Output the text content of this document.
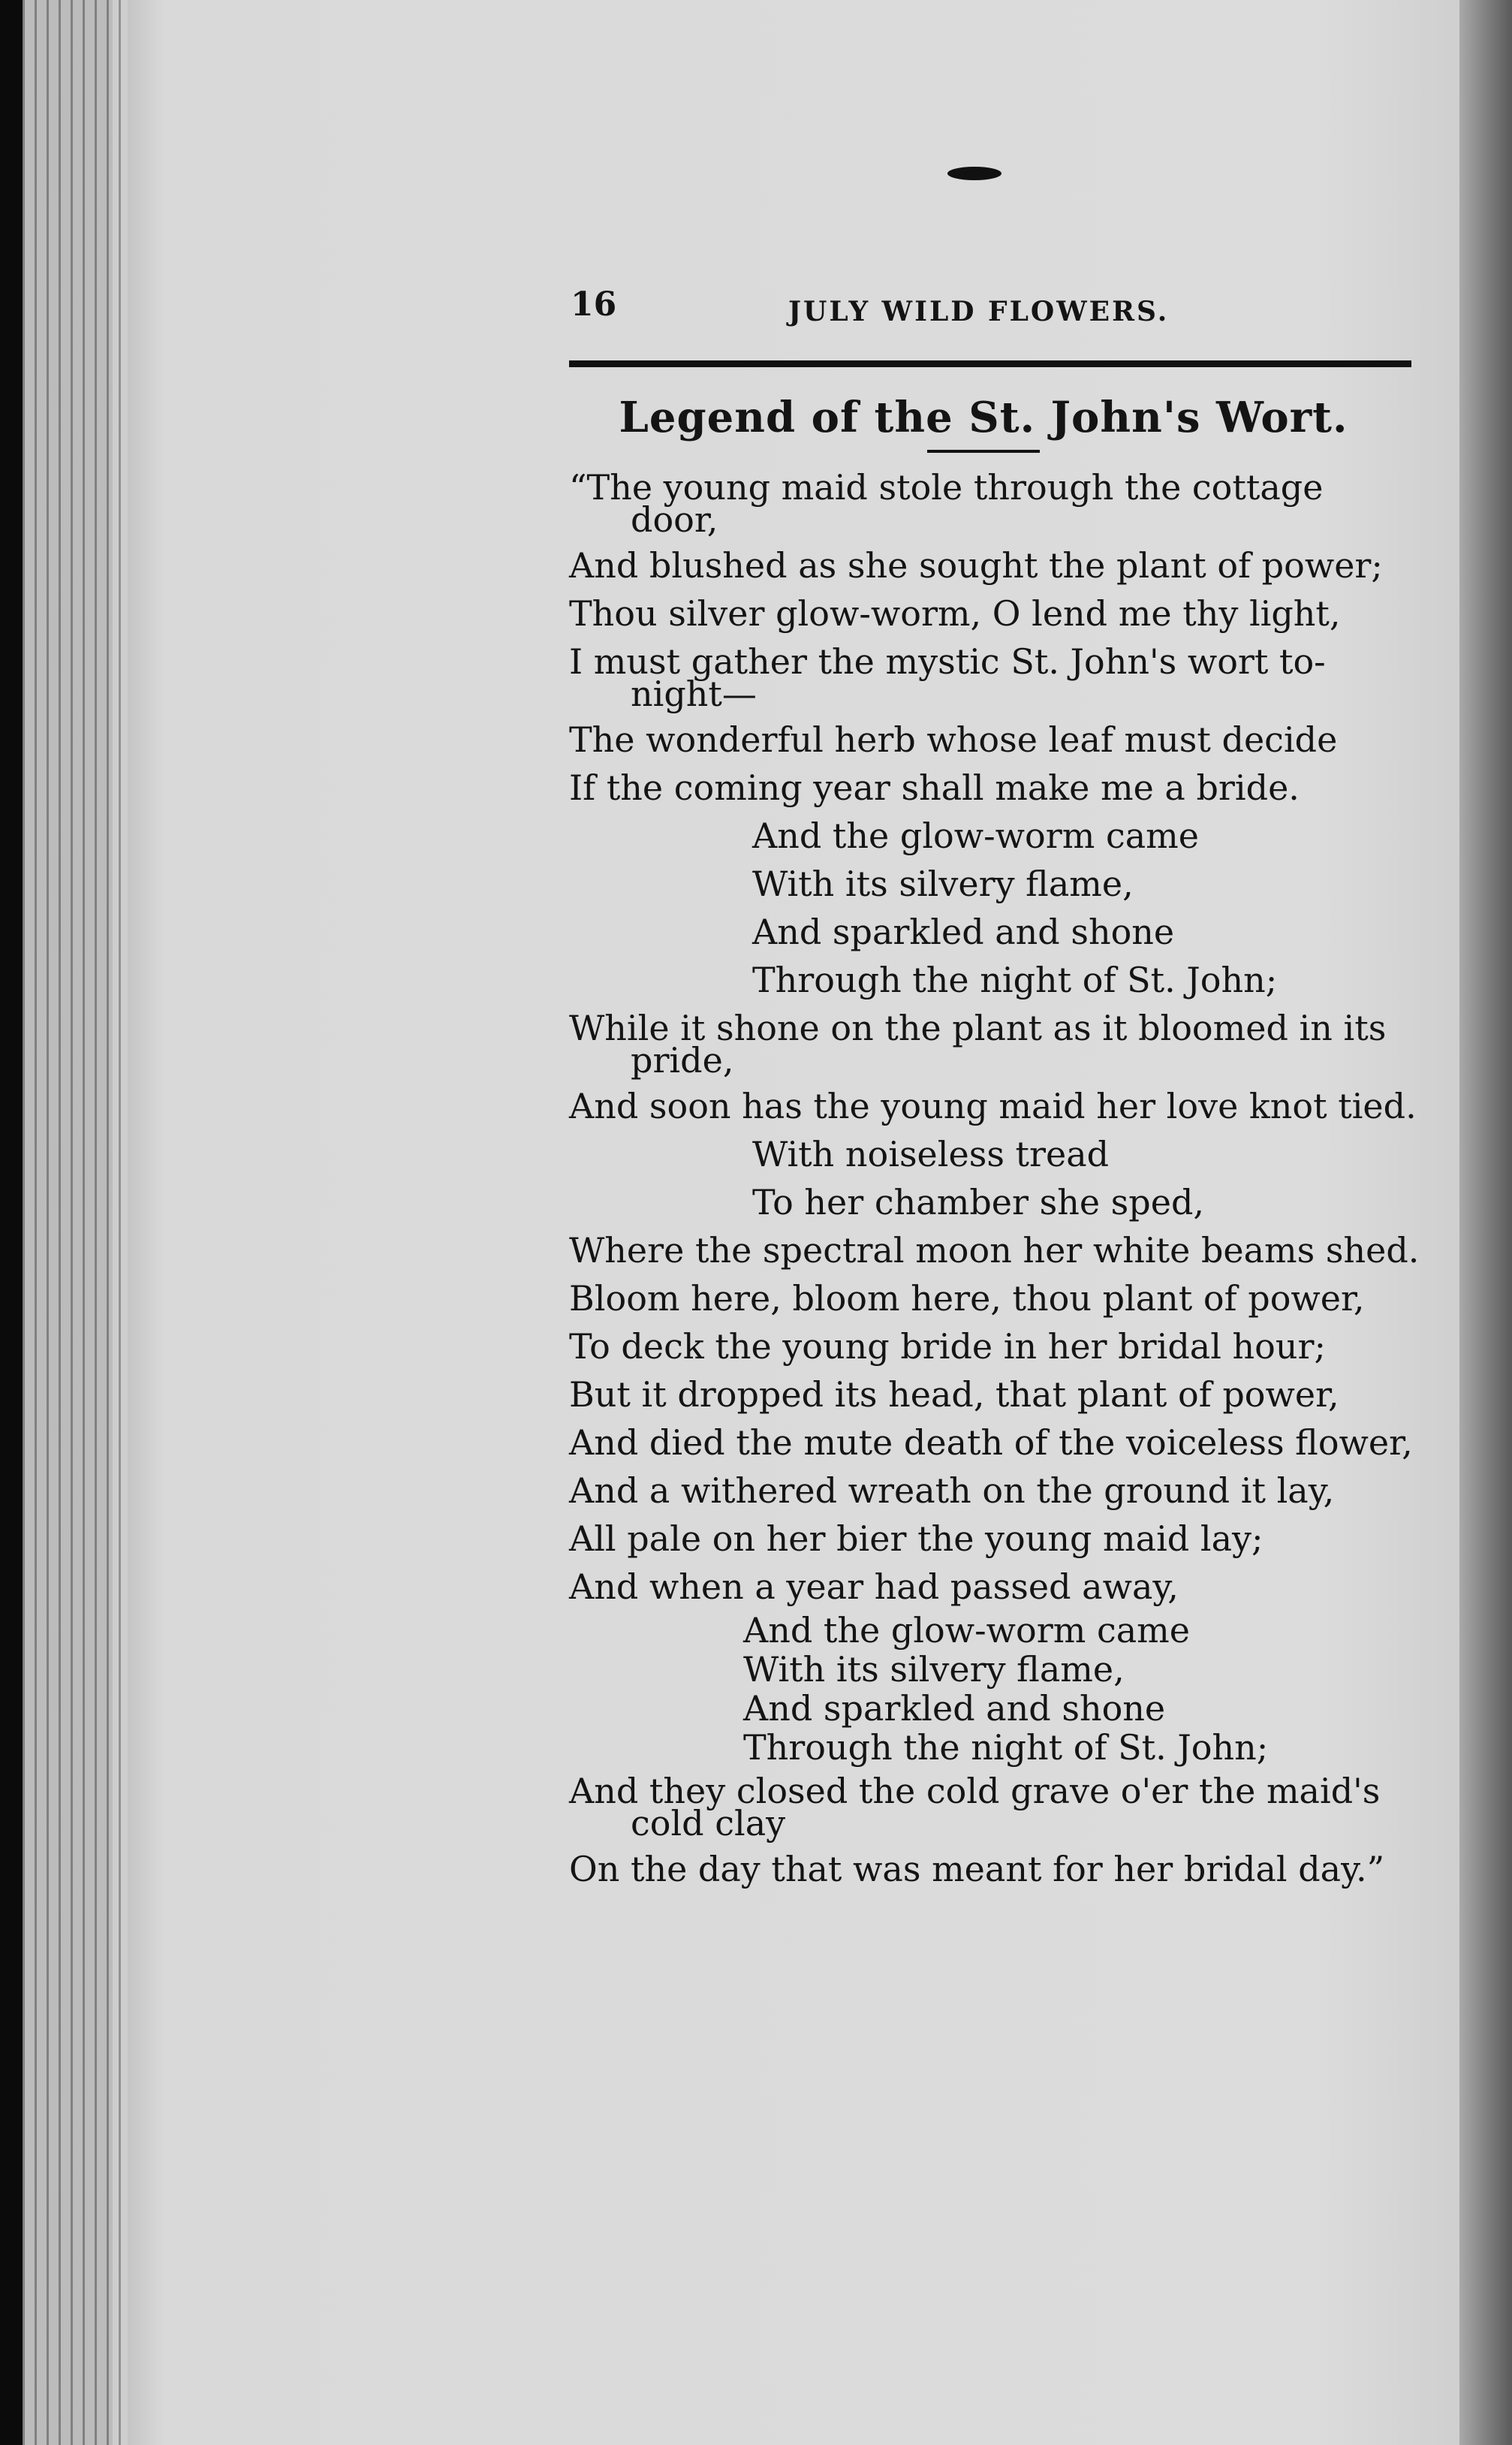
16	JULY WILD FLOWERS.
Legend of the St. John's Wort.
“The young maid stole through the cottage
door,
And blushed as she sought the plant of power;
Thou silver glow-worm, O lend me thy light,
I must gather the mystic St. John's wort to-
night—
The wonderful herb whose leaf must decide
If the coming year shall make me a bride.
And the glow-worm came
With its silvery flame,
And sparkled and shone
Through the night of St. John;
While it shone on the plant as it bloomed in its
pride,
And soon has the young maid her love knot tied.
With noiseless tread
To her chamber she sped,
Where the spectral moon her white beams shed.
Bloom here, bloom here, thou plant of power,
To deck the young bride in her bridal hour;
But it dropped its head, that plant of power,
And died the mute death of the voiceless flower,
And a withered wreath on the ground it lay,
All pale on her bier the young maid lay;
And when a year had passed away,
And the glow-worm came
With its silvery flame,
And sparkled and shone
Through the night of St. John;
And they closed the cold grave o'er the maid's
cold clay
On the day that was meant for her bridal day.”
